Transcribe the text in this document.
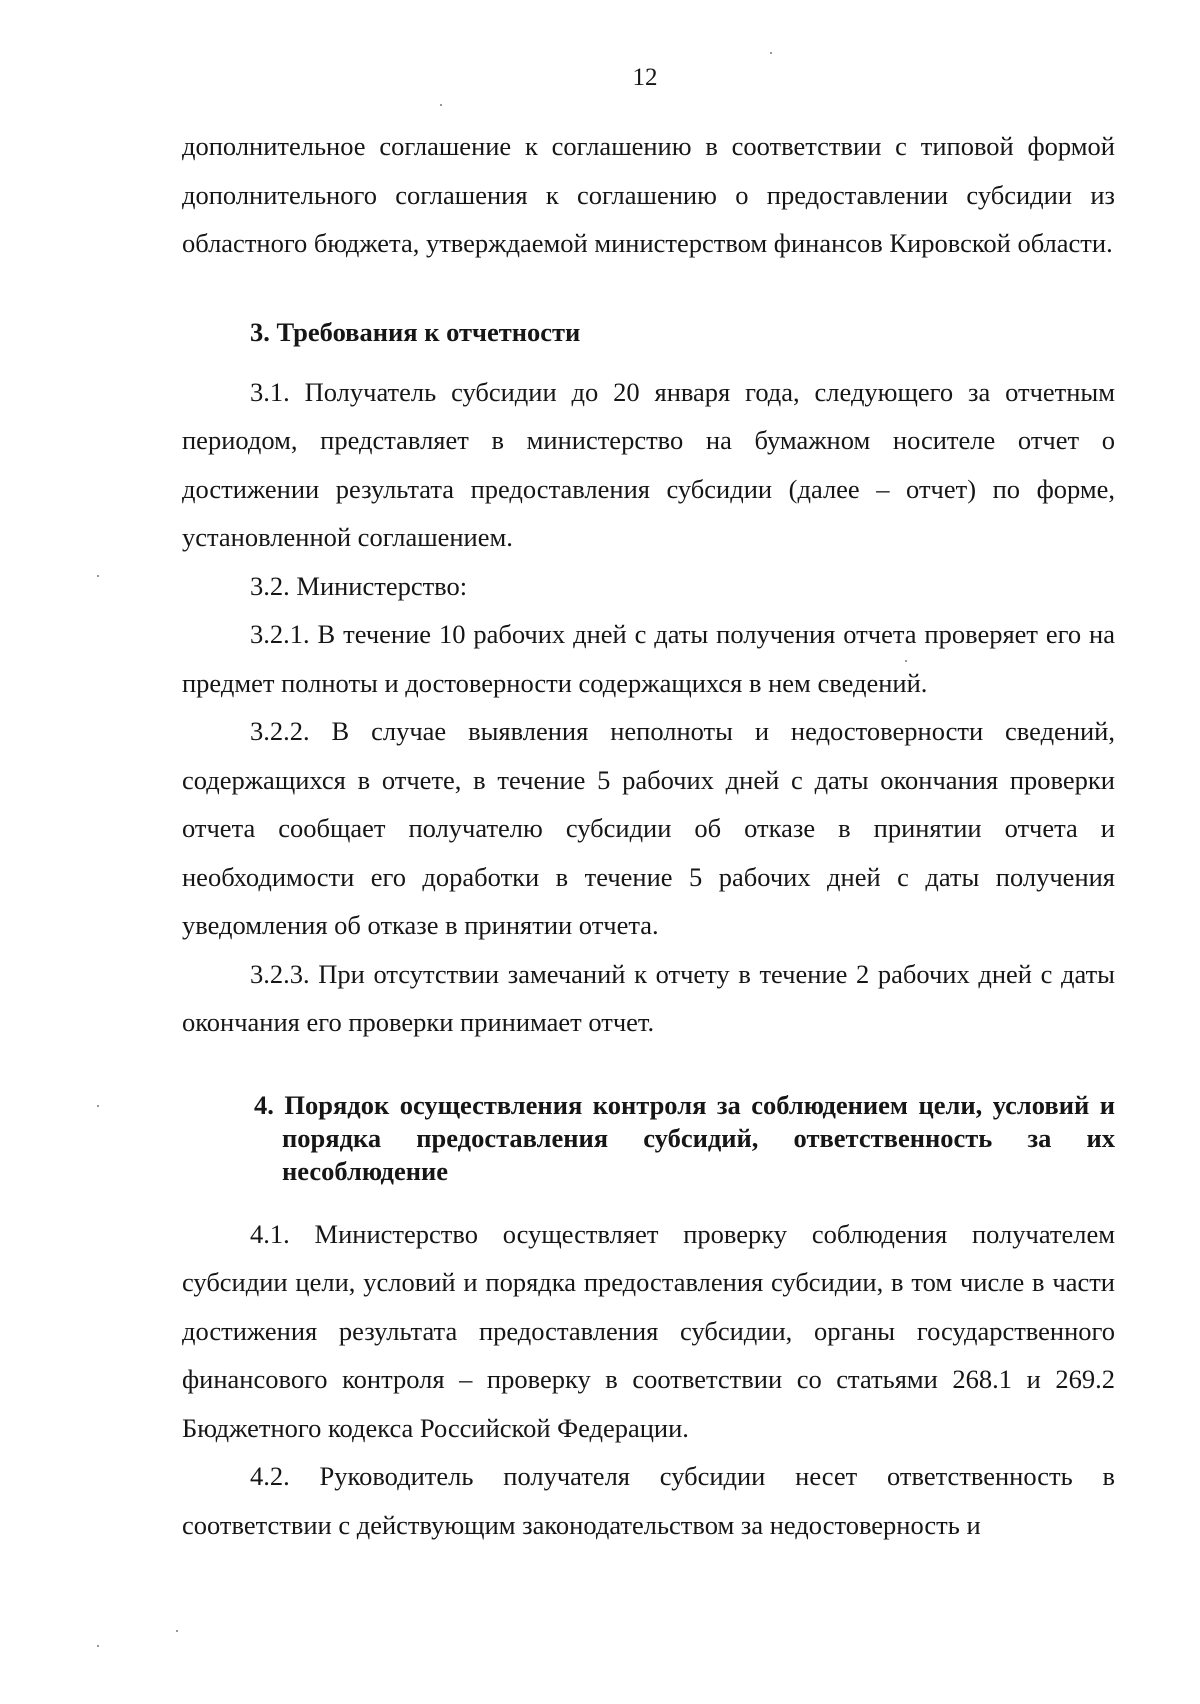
12

дополнительное соглашение к соглашению в соответствии с типовой формой дополнительного соглашения к соглашению о предоставлении субсидии из областного бюджета, утверждаемой министерством финансов Кировской области.

3. Требования к отчетности

3.1. Получатель субсидии до 20 января года, следующего за отчетным периодом, представляет в министерство на бумажном носителе отчет о достижении результата предоставления субсидии (далее – отчет) по форме, установленной соглашением.

3.2. Министерство:

3.2.1. В течение 10 рабочих дней с даты получения отчета проверяет его на предмет полноты и достоверности содержащихся в нем сведений.

3.2.2. В случае выявления неполноты и недостоверности сведений, содержащихся в отчете, в течение 5 рабочих дней с даты окончания проверки отчета сообщает получателю субсидии об отказе в принятии отчета и необходимости его доработки в течение 5 рабочих дней с даты получения уведомления об отказе в принятии отчета.

3.2.3. При отсутствии замечаний к отчету в течение 2 рабочих дней с даты окончания его проверки принимает отчет.

4. Порядок осуществления контроля за соблюдением цели, условий и порядка предоставления субсидий, ответственность за их несоблюдение

4.1. Министерство осуществляет проверку соблюдения получателем субсидии цели, условий и порядка предоставления субсидии, в том числе в части достижения результата предоставления субсидии, органы государственного финансового контроля – проверку в соответствии со статьями 268.1 и 269.2 Бюджетного кодекса Российской Федерации.

4.2. Руководитель получателя субсидии несет ответственность в соответствии с действующим законодательством за недостоверность и
